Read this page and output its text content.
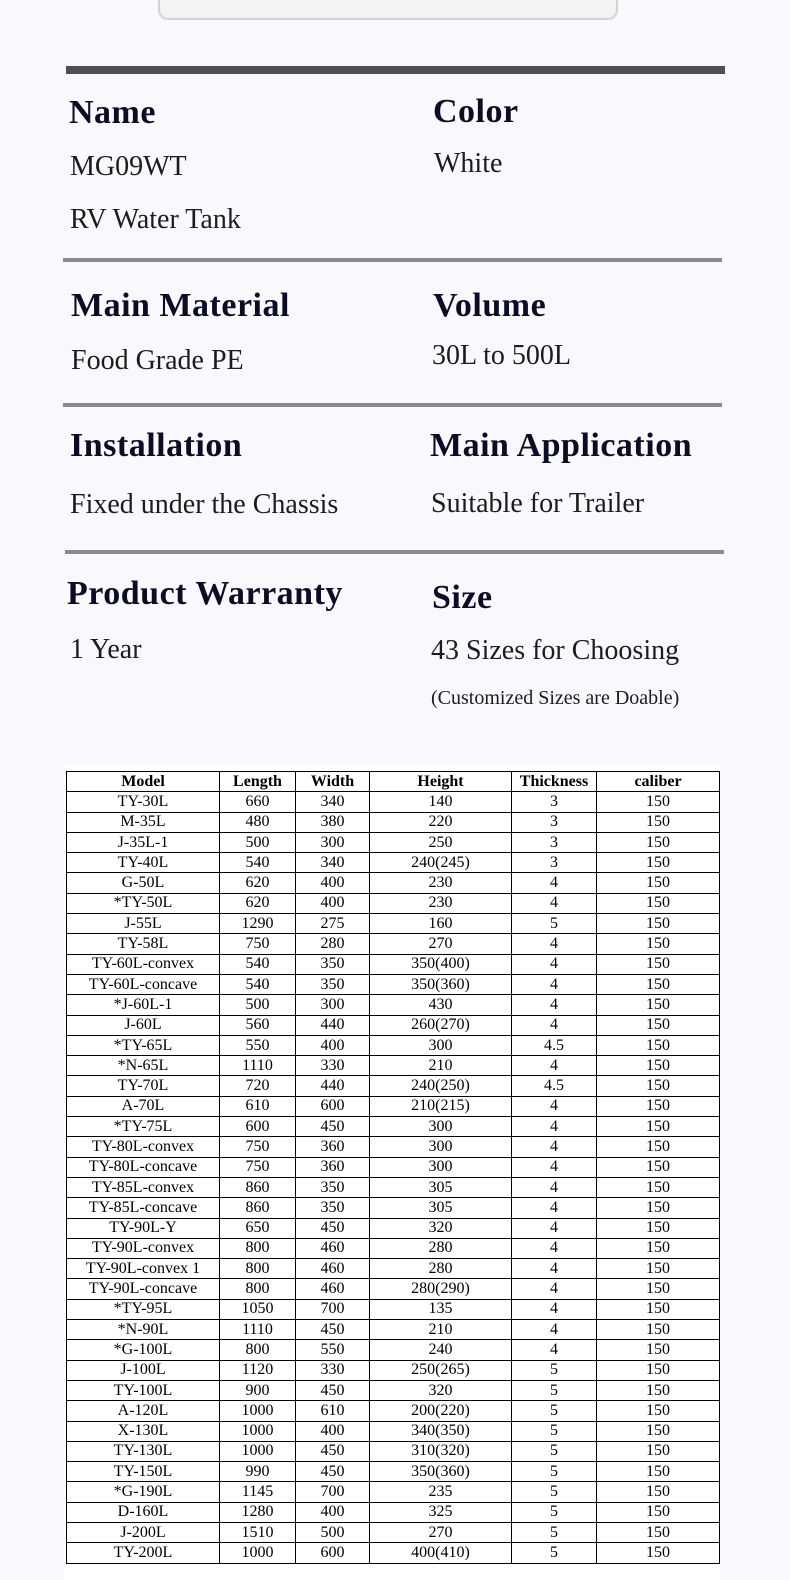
Name
MG09WT
RV Water Tank
Color
White
Main Material
Food Grade PE
Volume
30L to 500L
Installation
Fixed under the Chassis
Main Application
Suitable for Trailer
Product Warranty
1 Year
Size
43 Sizes for Choosing
(Customized Sizes are Doable)
Model	Length	Width	Height	Thickness	caliber
TY-30L	660	340	140	3	150
M-35L	480	380	220	3	150
J-35L-1	500	300	250	3	150
TY-40L	540	340	240(245)	3	150
G-50L	620	400	230	4	150
*TY-50L	620	400	230	4	150
J-55L	1290	275	160	5	150
TY-58L	750	280	270	4	150
TY-60L-convex	540	350	350(400)	4	150
TY-60L-concave	540	350	350(360)	4	150
*J-60L-1	500	300	430	4	150
J-60L	560	440	260(270)	4	150
*TY-65L	550	400	300	4.5	150
*N-65L	1110	330	210	4	150
TY-70L	720	440	240(250)	4.5	150
A-70L	610	600	210(215)	4	150
*TY-75L	600	450	300	4	150
TY-80L-convex	750	360	300	4	150
TY-80L-concave	750	360	300	4	150
TY-85L-convex	860	350	305	4	150
TY-85L-concave	860	350	305	4	150
TY-90L-Y	650	450	320	4	150
TY-90L-convex	800	460	280	4	150
TY-90L-convex 1	800	460	280	4	150
TY-90L-concave	800	460	280(290)	4	150
*TY-95L	1050	700	135	4	150
*N-90L	1110	450	210	4	150
*G-100L	800	550	240	4	150
J-100L	1120	330	250(265)	5	150
TY-100L	900	450	320	5	150
A-120L	1000	610	200(220)	5	150
X-130L	1000	400	340(350)	5	150
TY-130L	1000	450	310(320)	5	150
TY-150L	990	450	350(360)	5	150
*G-190L	1145	700	235	5	150
D-160L	1280	400	325	5	150
J-200L	1510	500	270	5	150
TY-200L	1000	600	400(410)	5	150
